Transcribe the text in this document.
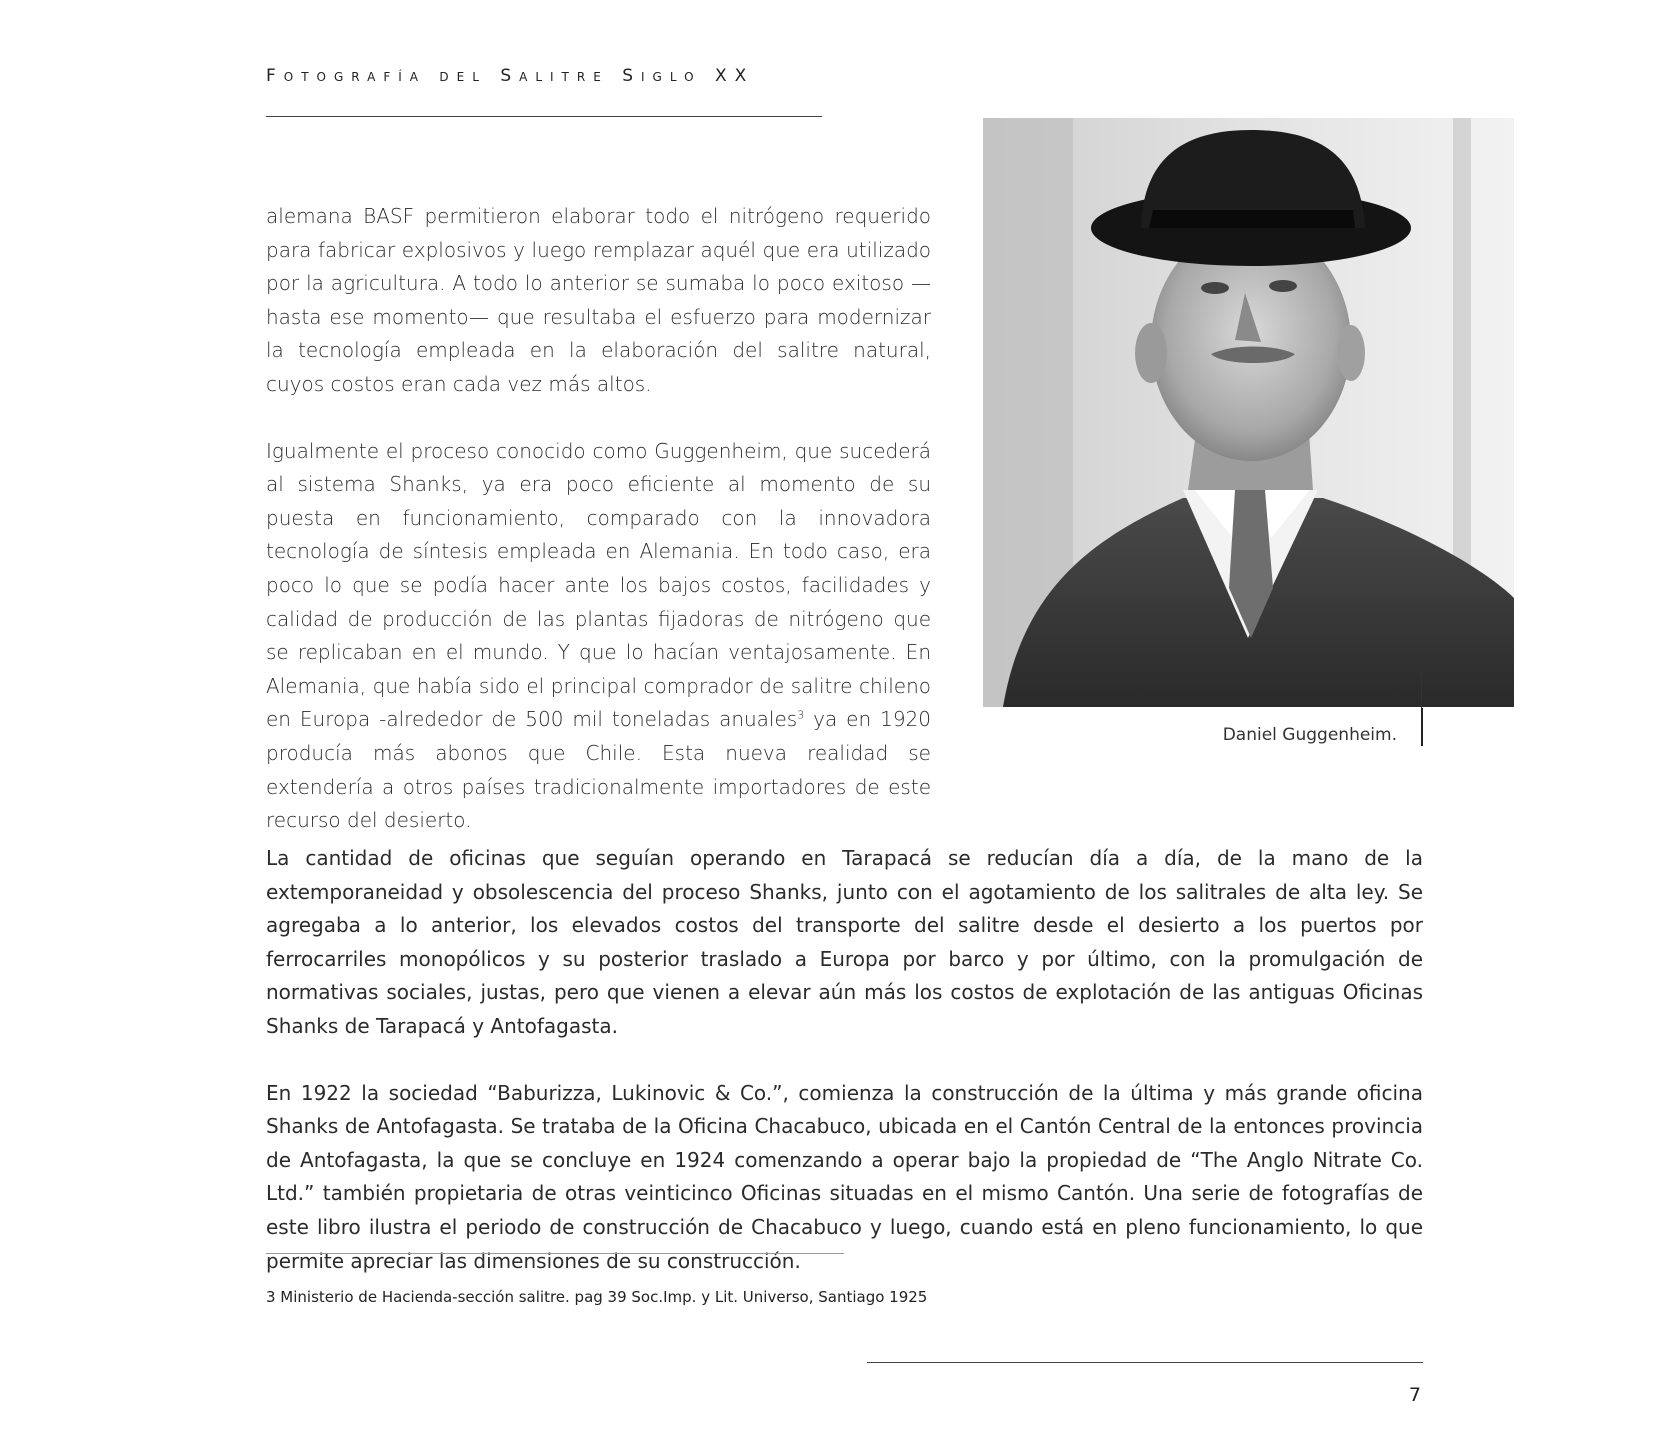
Fotografía del Salitre Siglo XX

alemana BASF permitieron elaborar todo el nitrógeno requerido para fabricar explosivos y luego remplazar aquél que era utilizado por la agricultura. A todo lo anterior se sumaba lo poco exitoso —hasta ese momento— que resultaba el esfuerzo para modernizar la tecnología empleada en la elaboración del salitre natural, cuyos costos eran cada vez más altos.

Igualmente el proceso conocido como Guggenheim, que sucederá al sistema Shanks, ya era poco eficiente al momento de su puesta en funcionamiento, comparado con la innovadora tecnología de síntesis empleada en Alemania. En todo caso, era poco lo que se podía hacer ante los bajos costos, facilidades y calidad de producción de las plantas fijadoras de nitrógeno que se replicaban en el mundo. Y que lo hacían ventajosamente. En Alemania, que había sido el principal comprador de salitre chileno en Europa -alrededor de 500 mil toneladas anuales$^3$ ya en 1920 producía más abonos que Chile. Esta nueva realidad se extendería a otros países tradicionalmente importadores de este recurso del desierto.

Daniel Guggenheim.

La cantidad de oficinas que seguían operando en Tarapacá se reducían día a día, de la mano de la extemporaneidad y obsolescencia del proceso Shanks, junto con el agotamiento de los salitrales de alta ley. Se agregaba a lo anterior, los elevados costos del transporte del salitre desde el desierto a los puertos por ferrocarriles monopólicos y su posterior traslado a Europa por barco y por último, con la promulgación de normativas sociales, justas, pero que vienen a elevar aún más los costos de explotación de las antiguas Oficinas Shanks de Tarapacá y Antofagasta.

En 1922 la sociedad “Baburizza, Lukinovic & Co.”, comienza la construcción de la última y más grande oficina Shanks de Antofagasta. Se trataba de la Oficina Chacabuco, ubicada en el Cantón Central de la entonces provincia de Antofagasta, la que se concluye en 1924 comenzando a operar bajo la propiedad de “The Anglo Nitrate Co. Ltd.” también propietaria de otras veinticinco Oficinas situadas en el mismo Cantón. Una serie de fotografías de este libro ilustra el periodo de construcción de Chacabuco y luego, cuando está en pleno funcionamiento, lo que permite apreciar las dimensiones de su construcción.

3 Ministerio de Hacienda-sección salitre. pag 39 Soc.Imp. y Lit. Universo, Santiago 1925
7
